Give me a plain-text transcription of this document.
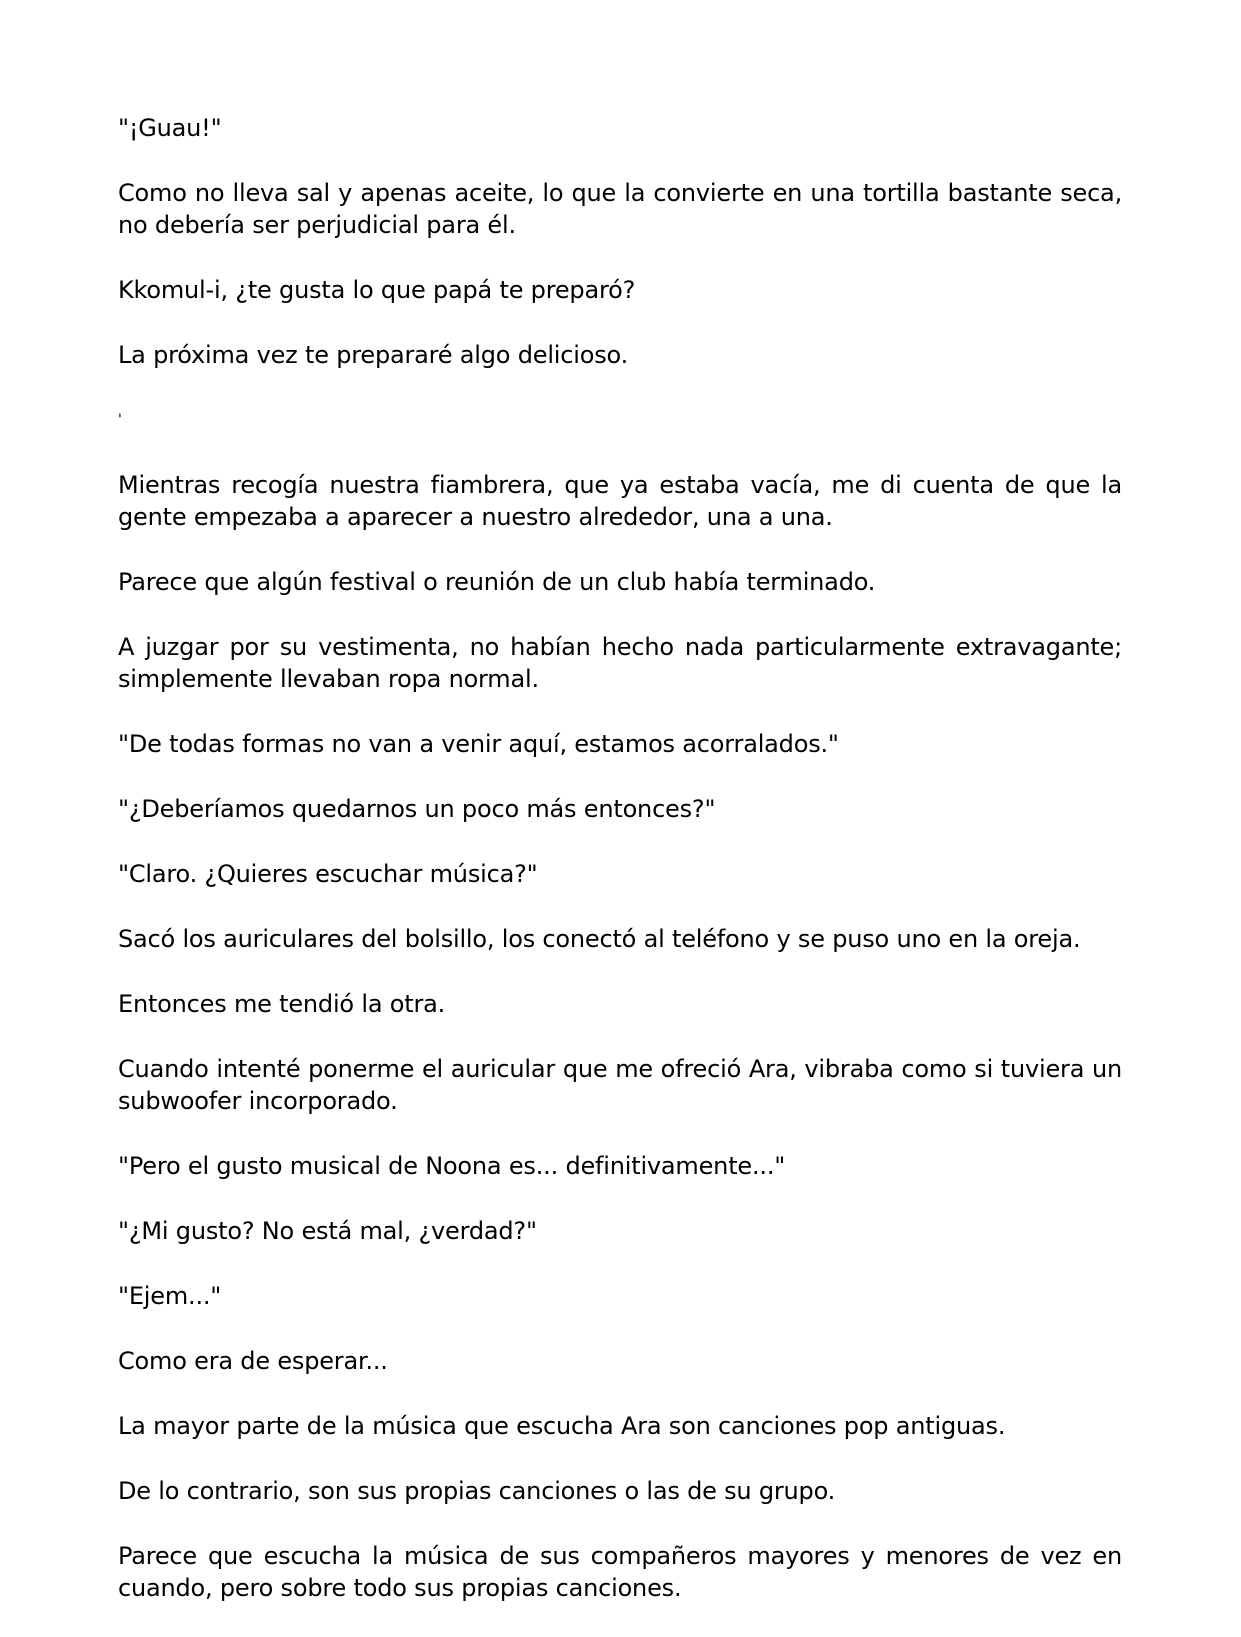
"¡Guau!"

Como no lleva sal y apenas aceite, lo que la convierte en una tortilla bastante seca, no debería ser perjudicial para él.

Kkomul-i, ¿te gusta lo que papá te preparó?

La próxima vez te prepararé algo delicioso.

'

Mientras recogía nuestra fiambrera, que ya estaba vacía, me di cuenta de que la gente empezaba a aparecer a nuestro alrededor, una a una.

Parece que algún festival o reunión de un club había terminado.

A juzgar por su vestimenta, no habían hecho nada particularmente extravagante; simplemente llevaban ropa normal.

"De todas formas no van a venir aquí, estamos acorralados."

"¿Deberíamos quedarnos un poco más entonces?"

"Claro. ¿Quieres escuchar música?"

Sacó los auriculares del bolsillo, los conectó al teléfono y se puso uno en la oreja.

Entonces me tendió la otra.

Cuando intenté ponerme el auricular que me ofreció Ara, vibraba como si tuviera un subwoofer incorporado.

"Pero el gusto musical de Noona es... definitivamente..."

"¿Mi gusto? No está mal, ¿verdad?"

"Ejem..."

Como era de esperar...

La mayor parte de la música que escucha Ara son canciones pop antiguas.

De lo contrario, son sus propias canciones o las de su grupo.

Parece que escucha la música de sus compañeros mayores y menores de vez en cuando, pero sobre todo sus propias canciones.
